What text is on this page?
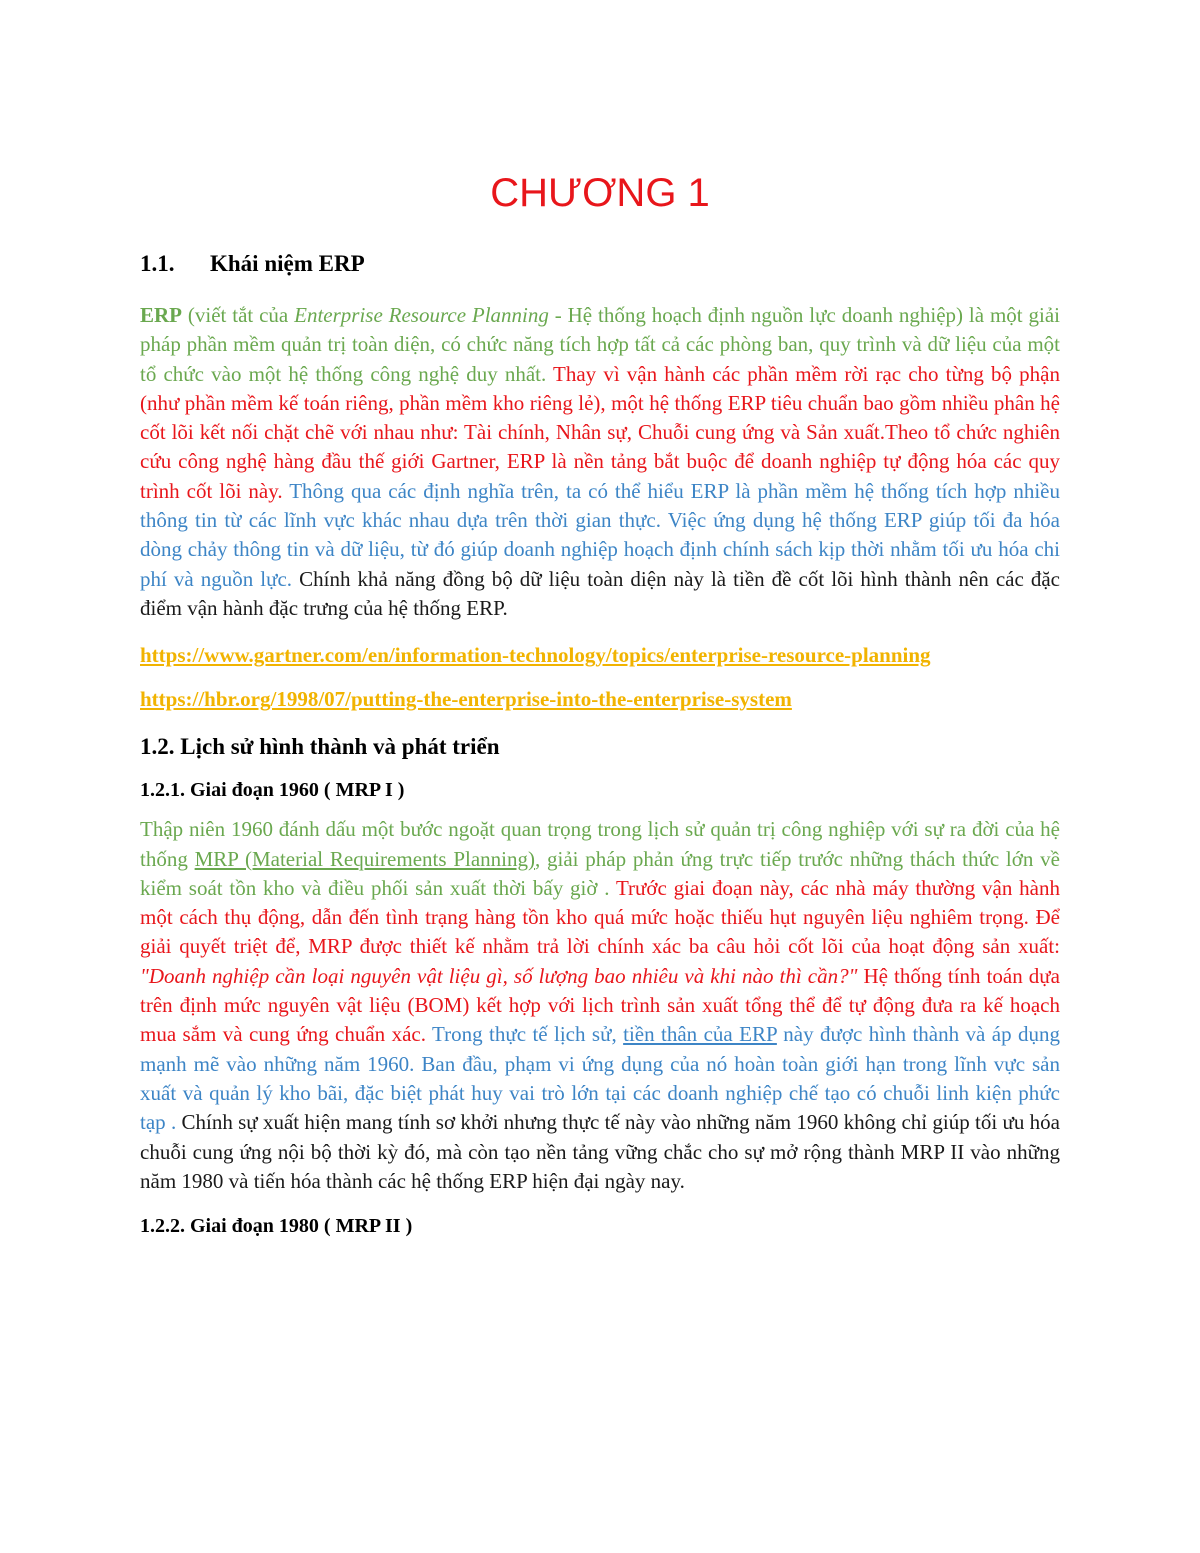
CHƯƠNG 1
1.1. Khái niệm ERP

ERP (viết tắt của Enterprise Resource Planning - Hệ thống hoạch định nguồn lực doanh nghiệp) là một giải pháp phần mềm quản trị toàn diện, có chức năng tích hợp tất cả các phòng ban, quy trình và dữ liệu của một tổ chức vào một hệ thống công nghệ duy nhất. Thay vì vận hành các phần mềm rời rạc cho từng bộ phận (như phần mềm kế toán riêng, phần mềm kho riêng lẻ), một hệ thống ERP tiêu chuẩn bao gồm nhiều phân hệ cốt lõi kết nối chặt chẽ với nhau như: Tài chính, Nhân sự, Chuỗi cung ứng và Sản xuất.Theo tổ chức nghiên cứu công nghệ hàng đầu thế giới Gartner, ERP là nền tảng bắt buộc để doanh nghiệp tự động hóa các quy trình cốt lõi này. Thông qua các định nghĩa trên, ta có thể hiểu ERP là phần mềm hệ thống tích hợp nhiều thông tin từ các lĩnh vực khác nhau dựa trên thời gian thực. Việc ứng dụng hệ thống ERP giúp tối đa hóa dòng chảy thông tin và dữ liệu, từ đó giúp doanh nghiệp hoạch định chính sách kịp thời nhằm tối ưu hóa chi phí và nguồn lực. Chính khả năng đồng bộ dữ liệu toàn diện này là tiền đề cốt lõi hình thành nên các đặc điểm vận hành đặc trưng của hệ thống ERP.

https://www.gartner.com/en/information-technology/topics/enterprise-resource-planning
https://hbr.org/1998/07/putting-the-enterprise-into-the-enterprise-system
1.2. Lịch sử hình thành và phát triển
1.2.1. Giai đoạn 1960 ( MRP I )

Thập niên 1960 đánh dấu một bước ngoặt quan trọng trong lịch sử quản trị công nghiệp với sự ra đời của hệ thống MRP (Material Requirements Planning), giải pháp phản ứng trực tiếp trước những thách thức lớn về kiểm soát tồn kho và điều phối sản xuất thời bấy giờ . Trước giai đoạn này, các nhà máy thường vận hành một cách thụ động, dẫn đến tình trạng hàng tồn kho quá mức hoặc thiếu hụt nguyên liệu nghiêm trọng. Để giải quyết triệt để, MRP được thiết kế nhằm trả lời chính xác ba câu hỏi cốt lõi của hoạt động sản xuất: "Doanh nghiệp cần loại nguyên vật liệu gì, số lượng bao nhiêu và khi nào thì cần?" Hệ thống tính toán dựa trên định mức nguyên vật liệu (BOM) kết hợp với lịch trình sản xuất tổng thể để tự động đưa ra kế hoạch mua sắm và cung ứng chuẩn xác. Trong thực tế lịch sử, tiền thân của ERP này được hình thành và áp dụng mạnh mẽ vào những năm 1960. Ban đầu, phạm vi ứng dụng của nó hoàn toàn giới hạn trong lĩnh vực sản xuất và quản lý kho bãi, đặc biệt phát huy vai trò lớn tại các doanh nghiệp chế tạo có chuỗi linh kiện phức tạp . Chính sự xuất hiện mang tính sơ khởi nhưng thực tế này vào những năm 1960 không chỉ giúp tối ưu hóa chuỗi cung ứng nội bộ thời kỳ đó, mà còn tạo nền tảng vững chắc cho sự mở rộng thành MRP II vào những năm 1980 và tiến hóa thành các hệ thống ERP hiện đại ngày nay.

1.2.2. Giai đoạn 1980 ( MRP II )
